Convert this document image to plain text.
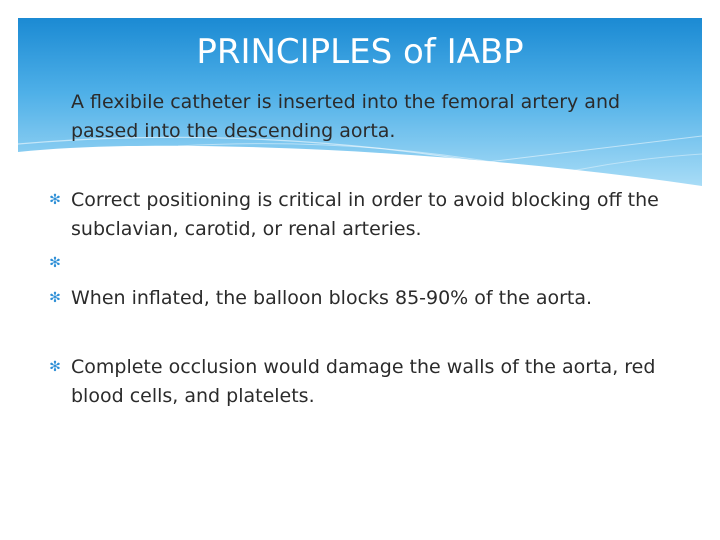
PRINCIPLES of IABP

A flexibile catheter is inserted into the femoral artery and passed into the descending aorta.

✻ Correct positioning is critical in order to avoid blocking off the subclavian, carotid, or renal arteries.
✻
✻ When inflated, the balloon blocks 85-90% of the aorta.
✻ Complete occlusion would damage the walls of the aorta, red blood cells, and platelets.
